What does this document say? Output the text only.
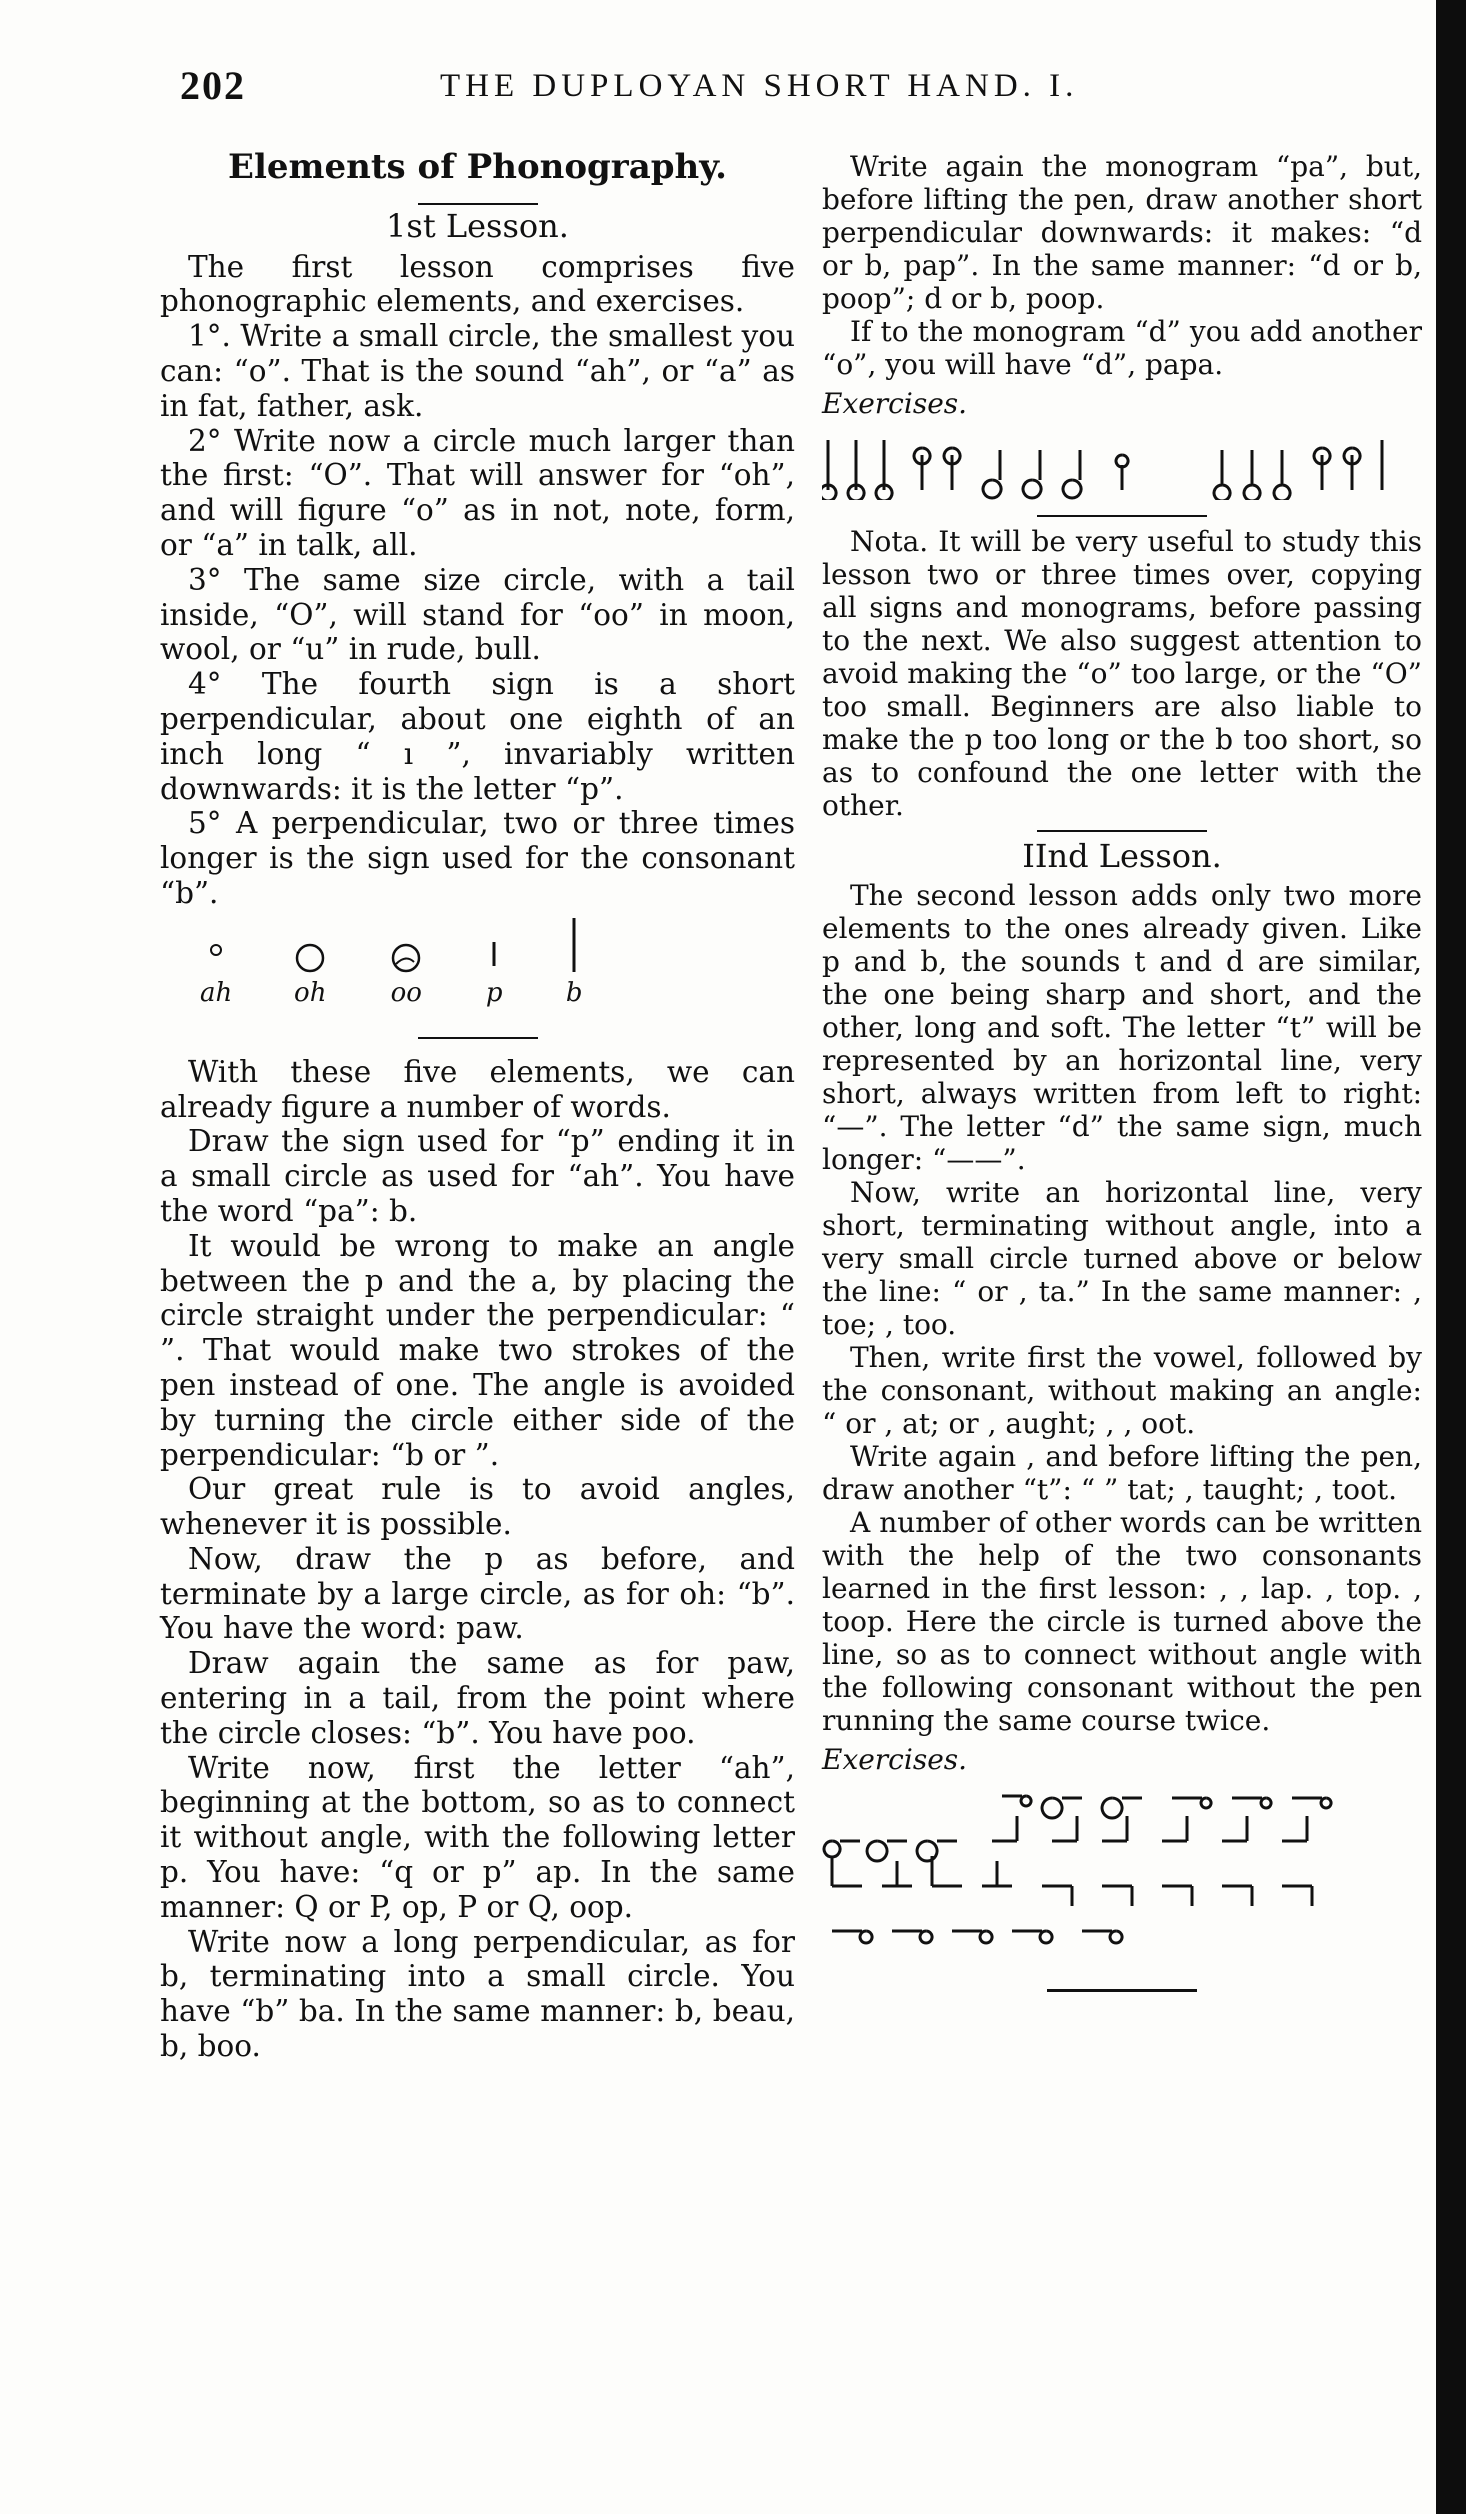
202	THE DUPLOYAN SHORT HAND. I.
Elements of Phonography.
1st Lesson.

The first lesson comprises five phonographic elements, and exercises.

1°. Write a small circle, the smallest you can: “o”. That is the sound “ah”, or “a” as in fat, father, ask.

2° Write now a circle much larger than the first: “O”. That will answer for “oh”, and will figure “o” as in not, note, form, or “a” in talk, all.

3° The same size circle, with a tail inside, “O”, will stand for “oo” in moon, wool, or “u” in rude, bull.

4° The fourth sign is a short perpendicular, about one eighth of an inch long “ ı ”, invariably written downwards: it is the letter “p”.

5° A perpendicular, two or three times longer is the sign used for the consonant “b”.

ah oh oo p b

With these five elements, we can already figure a number of words.

Draw the sign used for “p” ending it in a small circle as used for “ah”. You have the word “pa”: b.

It would be wrong to make an angle between the p and the a, by placing the circle straight under the perpendicular: “ ”. That would make two strokes of the pen instead of one. The angle is avoided by turning the circle either side of the perpendicular: “b or ”.

Our great rule is to avoid angles, whenever it is possible.

Now, draw the p as before, and terminate by a large circle, as for oh: “b”. You have the word: paw.

Draw again the same as for paw, entering in a tail, from the point where the circle closes: “b”. You have poo.

Write now, first the letter “ah”, beginning at the bottom, so as to connect it without angle, with the following letter p. You have: “q or p” ap. In the same manner: Q or P, op, P or Q, oop.

Write now a long perpendicular, as for b, terminating into a small circle. You have “b” ba. In the same manner: b, beau, b, boo.

Write again the monogram “pa”, but, before lifting the pen, draw another short perpendicular downwards: it makes: “d or b, pap”. In the same manner: “d or b, poop”; d or b, poop.

If to the monogram “d” you add another “o”, you will have “d”, papa.

Exercises.

Nota. It will be very useful to study this lesson two or three times over, copying all signs and monograms, before passing to the next. We also suggest attention to avoid making the “o” too large, or the “O” too small. Beginners are also liable to make the p too long or the b too short, so as to confound the one letter with the other.

IInd Lesson.

The second lesson adds only two more elements to the ones already given. Like p and b, the sounds t and d are similar, the one being sharp and short, and the other, long and soft. The letter “t” will be represented by an horizontal line, very short, always written from left to right: “—”. The letter “d” the same sign, much longer: “——”.

Now, write an horizontal line, very short, terminating without angle, into a very small circle turned above or below the line: “ or , ta.” In the same manner: , toe; , too.

Then, write first the vowel, followed by the consonant, without making an angle: “ or , at; or , aught; , , oot.

Write again , and before lifting the pen, draw another “t”: “ ” tat; , taught; , toot.

A number of other words can be written with the help of the two consonants learned in the first lesson: , , lap. , top. , toop. Here the circle is turned above the line, so as to connect without angle with the following consonant without the pen running the same course twice.

Exercises.
